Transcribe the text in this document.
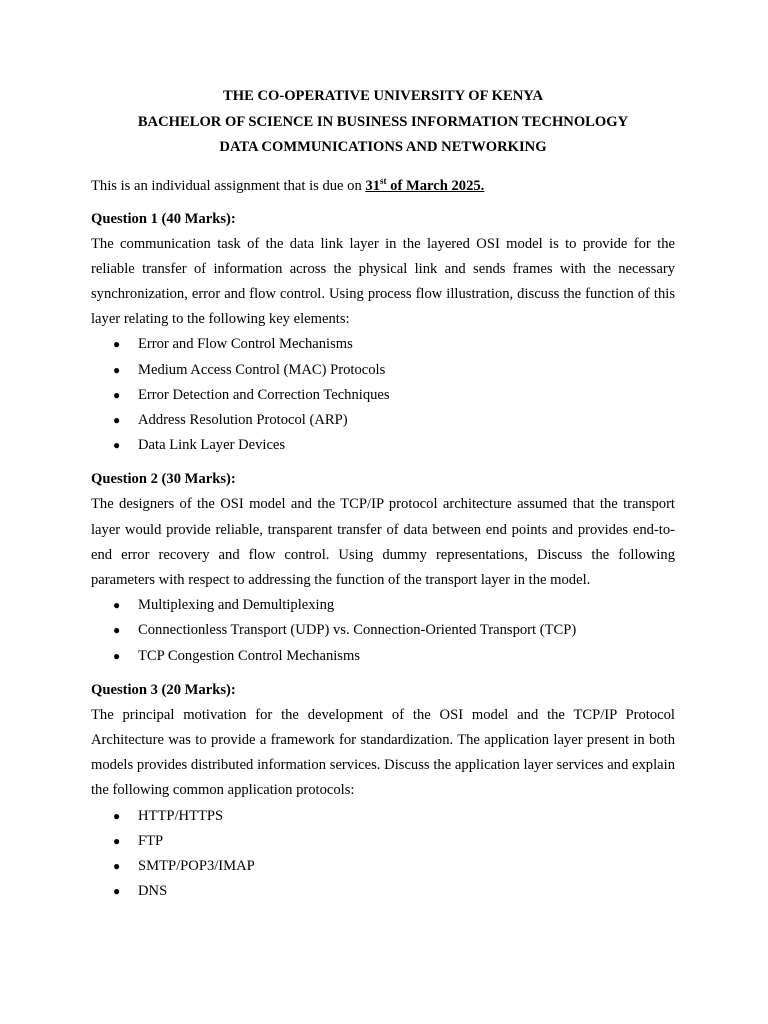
THE CO-OPERATIVE UNIVERSITY OF KENYA

BACHELOR OF SCIENCE IN BUSINESS INFORMATION TECHNOLOGY

DATA COMMUNICATIONS AND NETWORKING

This is an individual assignment that is due on 31st of March 2025.

Question 1 (40 Marks):

The communication task of the data link layer in the layered OSI model is to provide for the reliable transfer of information across the physical link and sends frames with the necessary synchronization, error and flow control. Using process flow illustration, discuss the function of this layer relating to the following key elements:

● Error and Flow Control Mechanisms
● Medium Access Control (MAC) Protocols
● Error Detection and Correction Techniques
● Address Resolution Protocol (ARP)
● Data Link Layer Devices

Question 2 (30 Marks):

The designers of the OSI model and the TCP/IP protocol architecture assumed that the transport layer would provide reliable, transparent transfer of data between end points and provides end-to-end error recovery and flow control. Using dummy representations, Discuss the following parameters with respect to addressing the function of the transport layer in the model.

● Multiplexing and Demultiplexing
● Connectionless Transport (UDP) vs. Connection-Oriented Transport (TCP)
● TCP Congestion Control Mechanisms

Question 3 (20 Marks):

The principal motivation for the development of the OSI model and the TCP/IP Protocol Architecture was to provide a framework for standardization. The application layer present in both models provides distributed information services. Discuss the application layer services and explain the following common application protocols:

● HTTP/HTTPS
● FTP
● SMTP/POP3/IMAP
● DNS
